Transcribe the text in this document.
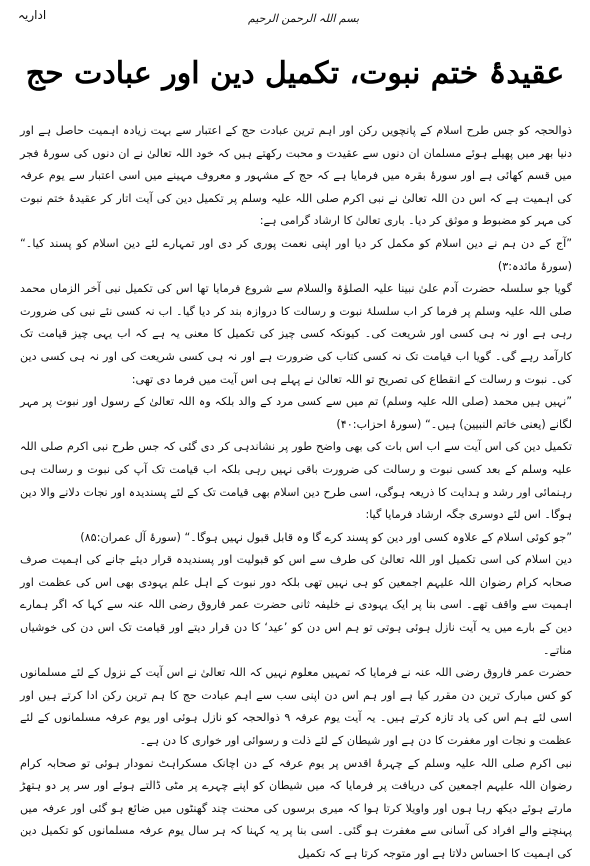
اداریہ	بسم اللہ الرحمن الرحیم
عقیدۂ ختم نبوت، تکمیل دین اور عبادت حج

ذوالحجہ کو جس طرح اسلام کے پانچویں رکن اور اہم ترین عبادت حج کے اعتبار سے بہت زیادہ اہمیت حاصل ہے اور دنیا بھر میں پھیلے ہوئے مسلمان ان دنوں سے عقیدت و محبت رکھتے ہیں کہ خود اللہ تعالیٰ نے ان دنوں کی سورۂ فجر میں قسم کھائی ہے اور سورۂ بقرہ میں فرمایا ہے کہ حج کے مشہور و معروف مہینے میں اسی اعتبار سے یوم عرفہ کی اہمیت ہے کہ اس دن اللہ تعالیٰ نے نبی اکرم صلی اللہ علیہ وسلم پر تکمیل دین کی آیت اتار کر عقیدۂ ختم نبوت کی مہر کو مضبوط و موثق کر دیا۔ باری تعالیٰ کا ارشاد گرامی ہے:

”آج کے دن ہم نے دین اسلام کو مکمل کر دیا اور اپنی نعمت پوری کر دی اور تمہارے لئے دین اسلام کو پسند کیا۔“ (سورۂ مائدہ:۳)

گویا جو سلسلہ حضرت آدم علیٰ نبینا علیہ الصلوٰۃ والسلام سے شروع فرمایا تھا اس کی تکمیل نبی آخر الزماں محمد صلی اللہ علیہ وسلم پر فرما کر اب سلسلۂ نبوت و رسالت کا دروازہ بند کر دیا گیا۔ اب نہ کسی نئے نبی کی ضرورت رہی ہے اور نہ ہی کسی اور شریعت کی۔ کیونکہ کسی چیز کی تکمیل کا معنی یہ ہے کہ اب یہی چیز قیامت تک کارآمد رہے گی۔ گویا اب قیامت تک نہ کسی کتاب کی ضرورت ہے اور نہ ہی کسی شریعت کی اور نہ ہی کسی دین کی۔ نبوت و رسالت کے انقطاع کی تصریح تو اللہ تعالیٰ نے پہلے ہی اس آیت میں فرما دی تھی:

”نہیں ہیں محمد (صلی اللہ علیہ وسلم) تم میں سے کسی مرد کے والد بلکہ وہ اللہ تعالیٰ کے رسول اور نبوت پر مہر لگانے (یعنی خاتم النبیین) ہیں۔“ (سورۂ احزاب:۴۰)

تکمیل دین کی اس آیت سے اب اس بات کی بھی واضح طور پر نشاندہی کر دی گئی کہ جس طرح نبی اکرم صلی اللہ علیہ وسلم کے بعد کسی نبوت و رسالت کی ضرورت باقی نہیں رہی بلکہ اب قیامت تک آپ کی نبوت و رسالت ہی رہنمائی اور رشد و ہدایت کا ذریعہ ہوگی، اسی طرح دین اسلام بھی قیامت تک کے لئے پسندیدہ اور نجات دلانے والا دین ہوگا۔ اس لئے دوسری جگہ ارشاد فرمایا گیا:

”جو کوئی اسلام کے علاوہ کسی اور دین کو پسند کرے گا وہ قابل قبول نہیں ہوگا۔“ (سورۂ آل عمران:۸۵)

دین اسلام کی اسی تکمیل اور اللہ تعالیٰ کی طرف سے اس کو قبولیت اور پسندیدہ قرار دیئے جانے کی اہمیت صرف صحابہ کرام رضوان اللہ علیہم اجمعین کو ہی نہیں تھی بلکہ دور نبوت کے اہل علم یہودی بھی اس کی عظمت اور اہمیت سے واقف تھے۔ اسی بنا پر ایک یہودی نے خلیفہ ثانی حضرت عمر فاروق رضی اللہ عنہ سے کہا کہ اگر ہمارے دین کے بارے میں یہ آیت نازل ہوئی ہوتی تو ہم اس دن کو ’عید‘ کا دن قرار دیتے اور قیامت تک اس دن کی خوشیاں مناتے۔

حضرت عمر فاروق رضی اللہ عنہ نے فرمایا کہ تمہیں معلوم نہیں کہ اللہ تعالیٰ نے اس آیت کے نزول کے لئے مسلمانوں کو کس مبارک ترین دن مقرر کیا ہے اور ہم اس دن اپنی سب سے اہم عبادت حج کا ہم ترین رکن ادا کرتے ہیں اور اسی لئے ہم اس کی یاد تازہ کرتے ہیں۔ یہ آیت یوم عرفہ ۹ ذوالحجہ کو نازل ہوئی اور یوم عرفہ مسلمانوں کے لئے عظمت و نجات اور مغفرت کا دن ہے اور شیطان کے لئے ذلت و رسوائی اور خواری کا دن ہے۔

نبی اکرم صلی اللہ علیہ وسلم کے چہرۂ اقدس پر یوم عرفہ کے دن اچانک مسکراہٹ نمودار ہوئی تو صحابہ کرام رضوان اللہ علیہم اجمعین کی دریافت پر فرمایا کہ میں شیطان کو اپنے چہرے پر مٹی ڈالتے ہوئے اور سر پر دو ہتھڑ مارتے ہوئے دیکھ رہا ہوں اور واویلا کرتا ہوا کہ میری برسوں کی محنت چند گھنٹوں میں ضائع ہو گئی اور عرفہ میں پہنچنے والے افراد کی آسانی سے مغفرت ہو گئی۔ اسی بنا پر یہ کہنا کہ ہر سال یوم عرفہ مسلمانوں کو تکمیل دین کی اہمیت کا احساس دلاتا ہے اور متوجہ کرتا ہے کہ تکمیل
